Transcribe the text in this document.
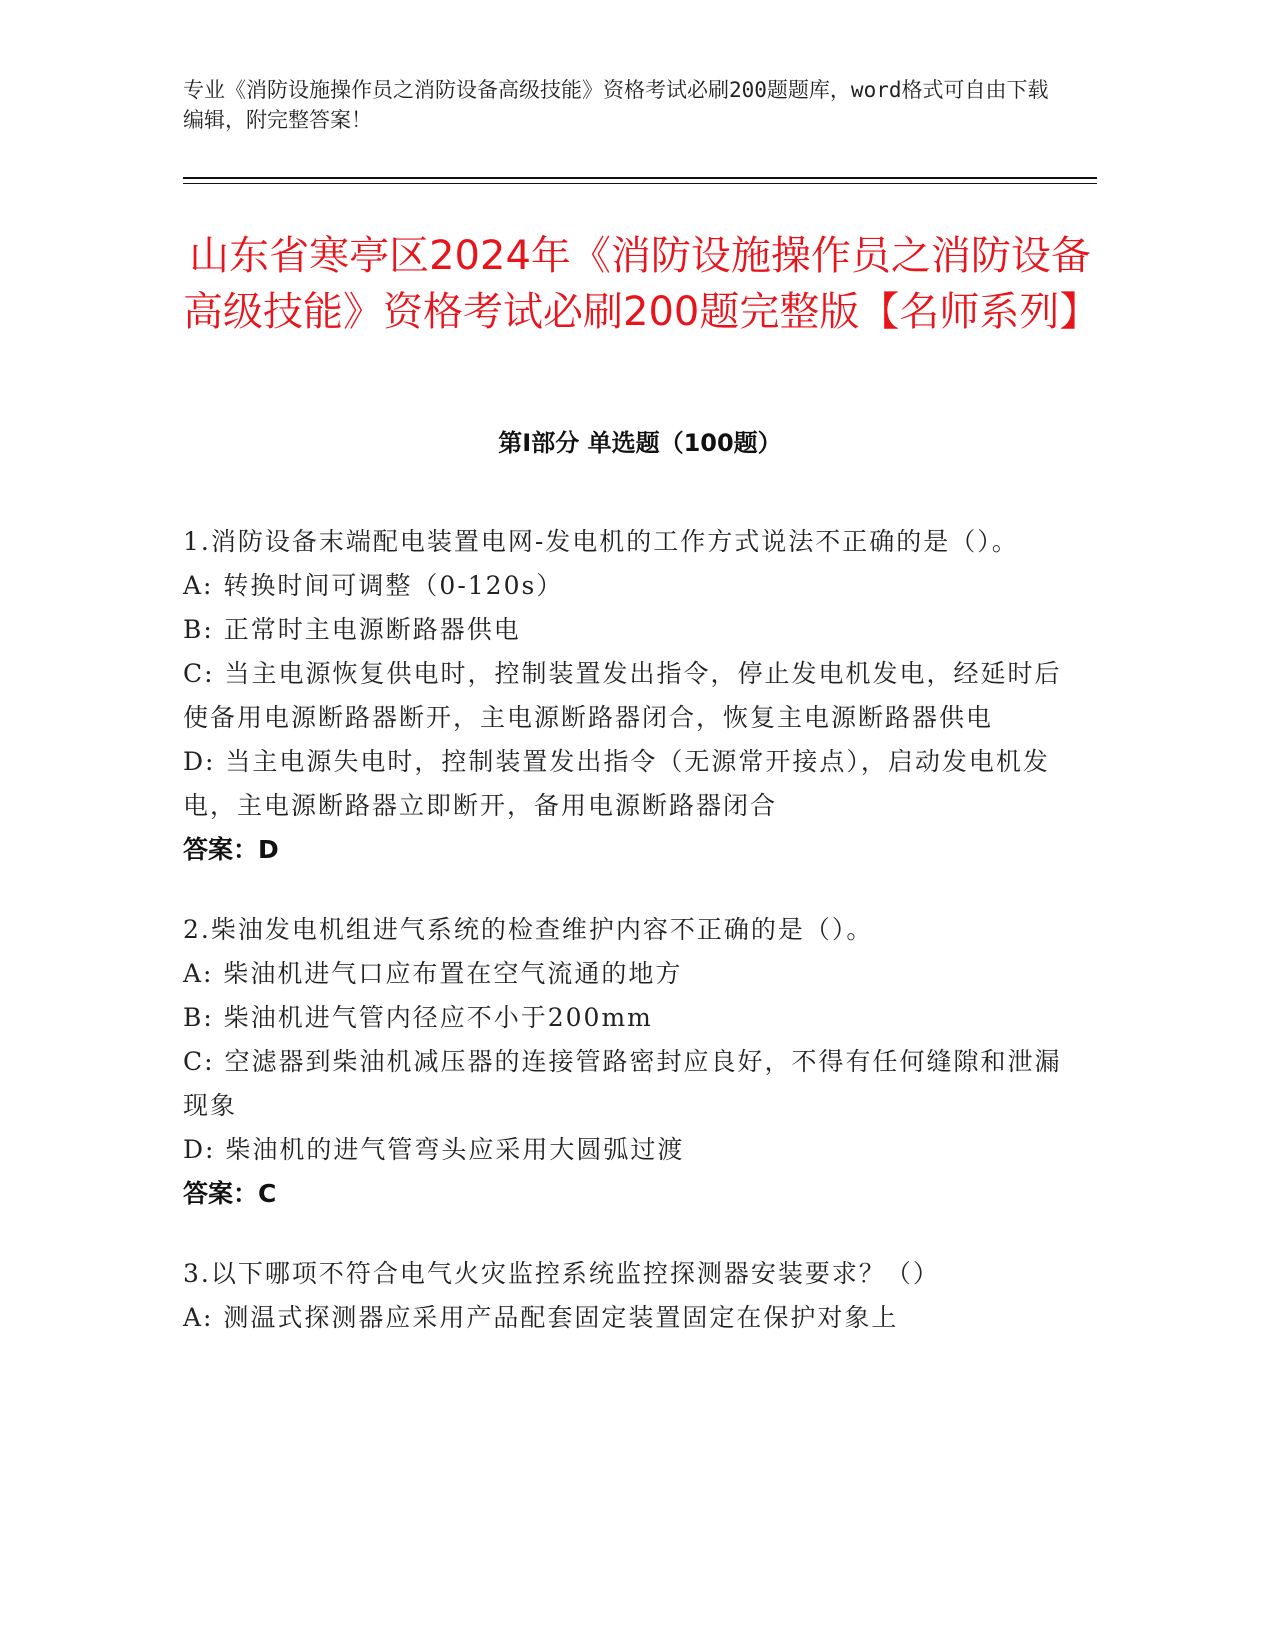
专业《消防设施操作员之消防设备高级技能》资格考试必刷200题题库，word格式可自由下载编辑，附完整答案！
山东省寒亭区2024年《消防设施操作员之消防设备高级技能》资格考试必刷200题完整版【名师系列】
第Ⅰ部分 单选题（100题）
1.消防设备末端配电装置电网-发电机的工作方式说法不正确的是（）。
A: 转换时间可调整（0-120s）
B: 正常时主电源断路器供电
C: 当主电源恢复供电时，控制装置发出指令，停止发电机发电，经延时后使备用电源断路器断开，主电源断路器闭合，恢复主电源断路器供电
D: 当主电源失电时，控制装置发出指令（无源常开接点），启动发电机发电，主电源断路器立即断开，备用电源断路器闭合
答案：D
2.柴油发电机组进气系统的检查维护内容不正确的是（）。
A: 柴油机进气口应布置在空气流通的地方
B: 柴油机进气管内径应不小于200mm
C: 空滤器到柴油机减压器的连接管路密封应良好，不得有任何缝隙和泄漏现象
D: 柴油机的进气管弯头应采用大圆弧过渡
答案：C
3.以下哪项不符合电气火灾监控系统监控探测器安装要求？（）
A: 测温式探测器应采用产品配套固定装置固定在保护对象上
